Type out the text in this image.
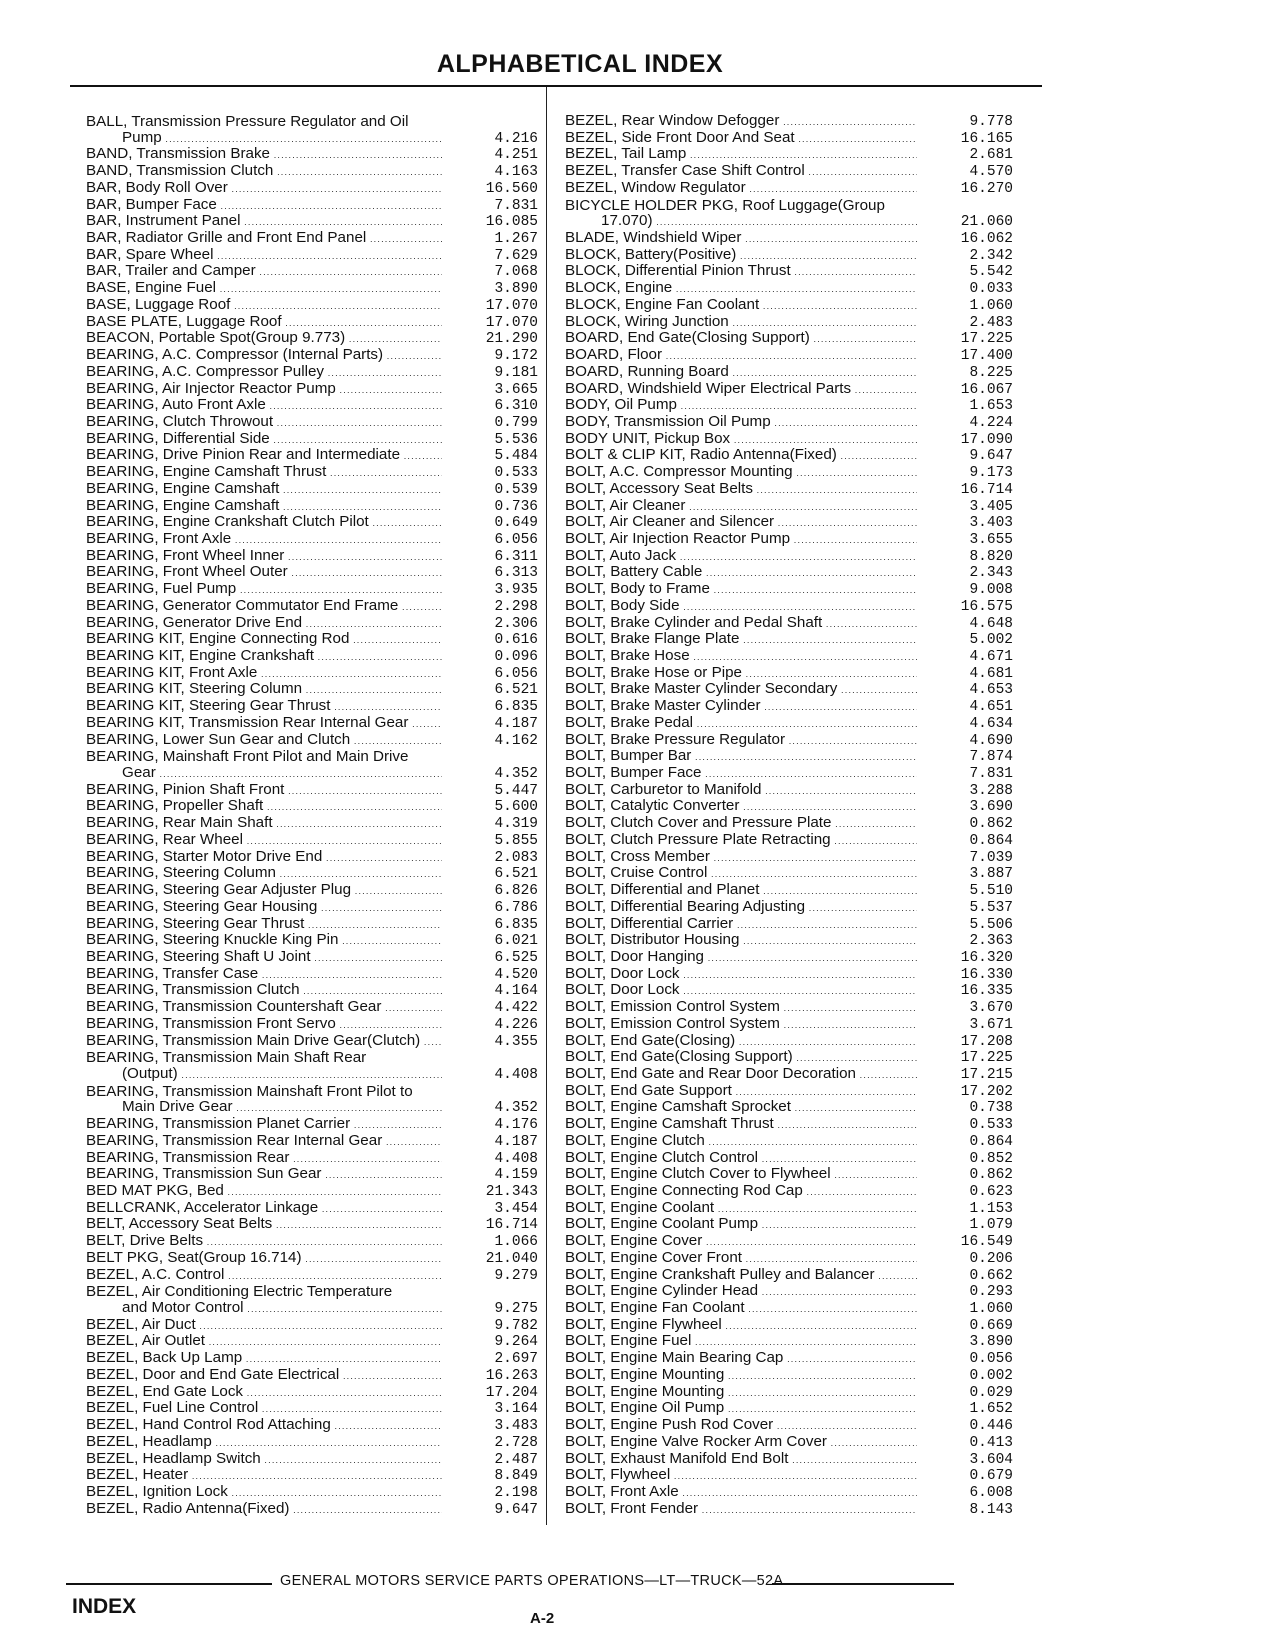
ALPHABETICAL INDEX
BALL, Transmission Pressure Regulator and Oil
Pump .....	4.216
BAND, Transmission Brake .....	4.251
BAND, Transmission Clutch .....	4.163
BAR, Body Roll Over .....	16.560
BAR, Bumper Face .....	7.831
BAR, Instrument Panel .....	16.085
BAR, Radiator Grille and Front End Panel .....	1.267
BAR, Spare Wheel .....	7.629
BAR, Trailer and Camper .....	7.068
BASE, Engine Fuel .....	3.890
BASE, Luggage Roof .....	17.070
BASE PLATE, Luggage Roof .....	17.070
BEACON, Portable Spot(Group 9.773) .....	21.290
BEARING, A.C. Compressor (Internal Parts) .....	9.172
BEARING, A.C. Compressor Pulley .....	9.181
BEARING, Air Injector Reactor Pump .....	3.665
BEARING, Auto Front Axle .....	6.310
BEARING, Clutch Throwout .....	0.799
BEARING, Differential Side .....	5.536
BEARING, Drive Pinion Rear and Intermediate .....	5.484
BEARING, Engine Camshaft Thrust .....	0.533
BEARING, Engine Camshaft .....	0.539
BEARING, Engine Camshaft .....	0.736
BEARING, Engine Crankshaft Clutch Pilot .....	0.649
BEARING, Front Axle .....	6.056
BEARING, Front Wheel Inner .....	6.311
BEARING, Front Wheel Outer .....	6.313
BEARING, Fuel Pump .....	3.935
BEARING, Generator Commutator End Frame .....	2.298
BEARING, Generator Drive End .....	2.306
BEARING KIT, Engine Connecting Rod .....	0.616
BEARING KIT, Engine Crankshaft .....	0.096
BEARING KIT, Front Axle .....	6.056
BEARING KIT, Steering Column .....	6.521
BEARING KIT, Steering Gear Thrust .....	6.835
BEARING KIT, Transmission Rear Internal Gear .....	4.187
BEARING, Lower Sun Gear and Clutch .....	4.162
BEARING, Mainshaft Front Pilot and Main Drive
Gear .....	4.352
BEARING, Pinion Shaft Front .....	5.447
BEARING, Propeller Shaft .....	5.600
BEARING, Rear Main Shaft .....	4.319
BEARING, Rear Wheel .....	5.855
BEARING, Starter Motor Drive End .....	2.083
BEARING, Steering Column .....	6.521
BEARING, Steering Gear Adjuster Plug .....	6.826
BEARING, Steering Gear Housing .....	6.786
BEARING, Steering Gear Thrust .....	6.835
BEARING, Steering Knuckle King Pin .....	6.021
BEARING, Steering Shaft U Joint .....	6.525
BEARING, Transfer Case .....	4.520
BEARING, Transmission Clutch .....	4.164
BEARING, Transmission Countershaft Gear .....	4.422
BEARING, Transmission Front Servo .....	4.226
BEARING, Transmission Main Drive Gear(Clutch) .....	4.355
BEARING, Transmission Main Shaft Rear
(Output) .....	4.408
BEARING, Transmission Mainshaft Front Pilot to
Main Drive Gear .....	4.352
BEARING, Transmission Planet Carrier .....	4.176
BEARING, Transmission Rear Internal Gear .....	4.187
BEARING, Transmission Rear .....	4.408
BEARING, Transmission Sun Gear .....	4.159
BED MAT PKG, Bed .....	21.343
BELLCRANK, Accelerator Linkage .....	3.454
BELT, Accessory Seat Belts .....	16.714
BELT, Drive Belts .....	1.066
BELT PKG, Seat(Group 16.714) .....	21.040
BEZEL, A.C. Control .....	9.279
BEZEL, Air Conditioning Electric Temperature
and Motor Control .....	9.275
BEZEL, Air Duct .....	9.782
BEZEL, Air Outlet .....	9.264
BEZEL, Back Up Lamp .....	2.697
BEZEL, Door and End Gate Electrical .....	16.263
BEZEL, End Gate Lock .....	17.204
BEZEL, Fuel Line Control .....	3.164
BEZEL, Hand Control Rod Attaching .....	3.483
BEZEL, Headlamp .....	2.728
BEZEL, Headlamp Switch .....	2.487
BEZEL, Heater .....	8.849
BEZEL, Ignition Lock .....	2.198
BEZEL, Radio Antenna(Fixed) .....	9.647
BEZEL, Rear Window Defogger .....	9.778
BEZEL, Side Front Door And Seat .....	16.165
BEZEL, Tail Lamp .....	2.681
BEZEL, Transfer Case Shift Control .....	4.570
BEZEL, Window Regulator .....	16.270
BICYCLE HOLDER PKG, Roof Luggage(Group
17.070) .....	21.060
BLADE, Windshield Wiper .....	16.062
BLOCK, Battery(Positive) .....	2.342
BLOCK, Differential Pinion Thrust .....	5.542
BLOCK, Engine .....	0.033
BLOCK, Engine Fan Coolant .....	1.060
BLOCK, Wiring Junction .....	2.483
BOARD, End Gate(Closing Support) .....	17.225
BOARD, Floor .....	17.400
BOARD, Running Board .....	8.225
BOARD, Windshield Wiper Electrical Parts .....	16.067
BODY, Oil Pump .....	1.653
BODY, Transmission Oil Pump .....	4.224
BODY UNIT, Pickup Box .....	17.090
BOLT & CLIP KIT, Radio Antenna(Fixed) .....	9.647
BOLT, A.C. Compressor Mounting .....	9.173
BOLT, Accessory Seat Belts .....	16.714
BOLT, Air Cleaner .....	3.405
BOLT, Air Cleaner and Silencer .....	3.403
BOLT, Air Injection Reactor Pump .....	3.655
BOLT, Auto Jack .....	8.820
BOLT, Battery Cable .....	2.343
BOLT, Body to Frame .....	9.008
BOLT, Body Side .....	16.575
BOLT, Brake Cylinder and Pedal Shaft .....	4.648
BOLT, Brake Flange Plate .....	5.002
BOLT, Brake Hose .....	4.671
BOLT, Brake Hose or Pipe .....	4.681
BOLT, Brake Master Cylinder Secondary .....	4.653
BOLT, Brake Master Cylinder .....	4.651
BOLT, Brake Pedal .....	4.634
BOLT, Brake Pressure Regulator .....	4.690
BOLT, Bumper Bar .....	7.874
BOLT, Bumper Face .....	7.831
BOLT, Carburetor to Manifold .....	3.288
BOLT, Catalytic Converter .....	3.690
BOLT, Clutch Cover and Pressure Plate .....	0.862
BOLT, Clutch Pressure Plate Retracting .....	0.864
BOLT, Cross Member .....	7.039
BOLT, Cruise Control .....	3.887
BOLT, Differential and Planet .....	5.510
BOLT, Differential Bearing Adjusting .....	5.537
BOLT, Differential Carrier .....	5.506
BOLT, Distributor Housing .....	2.363
BOLT, Door Hanging .....	16.320
BOLT, Door Lock .....	16.330
BOLT, Door Lock .....	16.335
BOLT, Emission Control System .....	3.670
BOLT, Emission Control System .....	3.671
BOLT, End Gate(Closing) .....	17.208
BOLT, End Gate(Closing Support) .....	17.225
BOLT, End Gate and Rear Door Decoration .....	17.215
BOLT, End Gate Support .....	17.202
BOLT, Engine Camshaft Sprocket .....	0.738
BOLT, Engine Camshaft Thrust .....	0.533
BOLT, Engine Clutch .....	0.864
BOLT, Engine Clutch Control .....	0.852
BOLT, Engine Clutch Cover to Flywheel .....	0.862
BOLT, Engine Connecting Rod Cap .....	0.623
BOLT, Engine Coolant .....	1.153
BOLT, Engine Coolant Pump .....	1.079
BOLT, Engine Cover .....	16.549
BOLT, Engine Cover Front .....	0.206
BOLT, Engine Crankshaft Pulley and Balancer .....	0.662
BOLT, Engine Cylinder Head .....	0.293
BOLT, Engine Fan Coolant .....	1.060
BOLT, Engine Flywheel .....	0.669
BOLT, Engine Fuel .....	3.890
BOLT, Engine Main Bearing Cap .....	0.056
BOLT, Engine Mounting .....	0.002
BOLT, Engine Mounting .....	0.029
BOLT, Engine Oil Pump .....	1.652
BOLT, Engine Push Rod Cover .....	0.446
BOLT, Engine Valve Rocker Arm Cover .....	0.413
BOLT, Exhaust Manifold End Bolt .....	3.604
BOLT, Flywheel .....	0.679
BOLT, Front Axle .....	6.008
BOLT, Front Fender .....	8.143
GENERAL MOTORS SERVICE PARTS OPERATIONS—LT—TRUCK—52A
INDEX
A-2
